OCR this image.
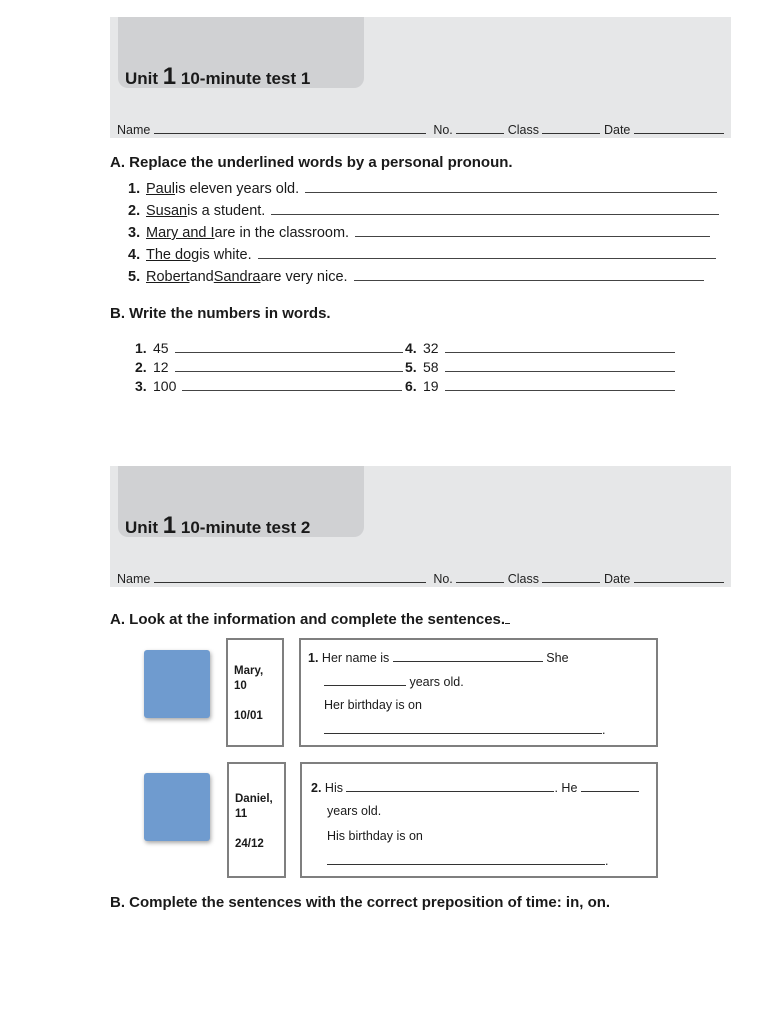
Unit 1 10-minute test 1
Name	No.	Class	Date
A. Replace the underlined words by a personal pronoun.
1. Paul is eleven years old.
2. Susan is a student.
3. Mary and I are in the classroom.
4. The dog is white.
5. Robert and Sandra are very nice.
B. Write the numbers in words.
1. 45
2. 12
3. 100
4. 32
5. 58
6. 19
Unit 1 10-minute test 2
Name	No.	Class	Date
A. Look at the information and complete the sentences.
Mary,
10
10/01
1. Her name is	She
years old.
Her birthday is on
.
Daniel,
11
24/12
2. His	. He
years old.
His birthday is on
.
B. Complete the sentences with the correct preposition of time: in, on.
